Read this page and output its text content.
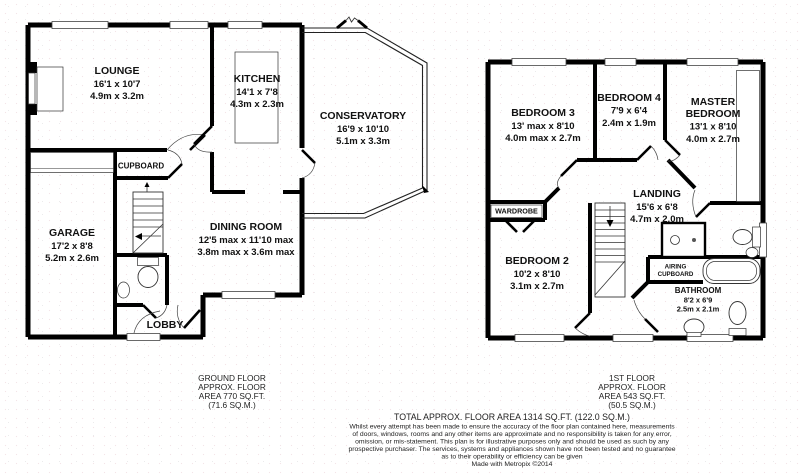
LOUNGE
16'1 x 10'7
4.9m x 3.2m
KITCHEN
14'1 x 7'8
4.3m x 2.3m
CONSERVATORY
16'9 x 10'10
5.1m x 3.3m
DINING ROOM
12'5 max x 11'10 max
3.8m max x 3.6m max
GARAGE
17'2 x 8'8
5.2m x 2.6m
CUPBOARD
LOBBY
GROUND FLOOR
APPROX. FLOOR
AREA 770 SQ.FT.
(71.6 SQ.M.)
BEDROOM 3
13' max x 8'10
4.0m max x 2.7m
BEDROOM 4
7'9 x 6'4
2.4m x 1.9m
MASTER
BEDROOM
13'1 x 8'10
4.0m x 2.7m
LANDING
15'6 x 6'8
4.7m x 2.0m
BEDROOM 2
10'2 x 8'10
3.1m x 2.7m
WARDROBE
AIRING
CUPBOARD
BATHROOM
8'2 x 6'9
2.5m x 2.1m
1ST FLOOR
APPROX. FLOOR
AREA 543 SQ.FT.
(50.5 SQ.M.)
TOTAL APPROX. FLOOR AREA 1314 SQ.FT. (122.0 SQ.M.)
Whilst every attempt has been made to ensure the accuracy of the floor plan contained here, measurements
of doors, windows, rooms and any other items are approximate and no responsibility is taken for any error,
omission, or mis-statement. This plan is for illustrative purposes only and should be used as such by any
prospective purchaser. The services, systems and appliances shown have not been tested and no guarantee
as to their operability or efficiency can be given
Made with Metropix ©2014
